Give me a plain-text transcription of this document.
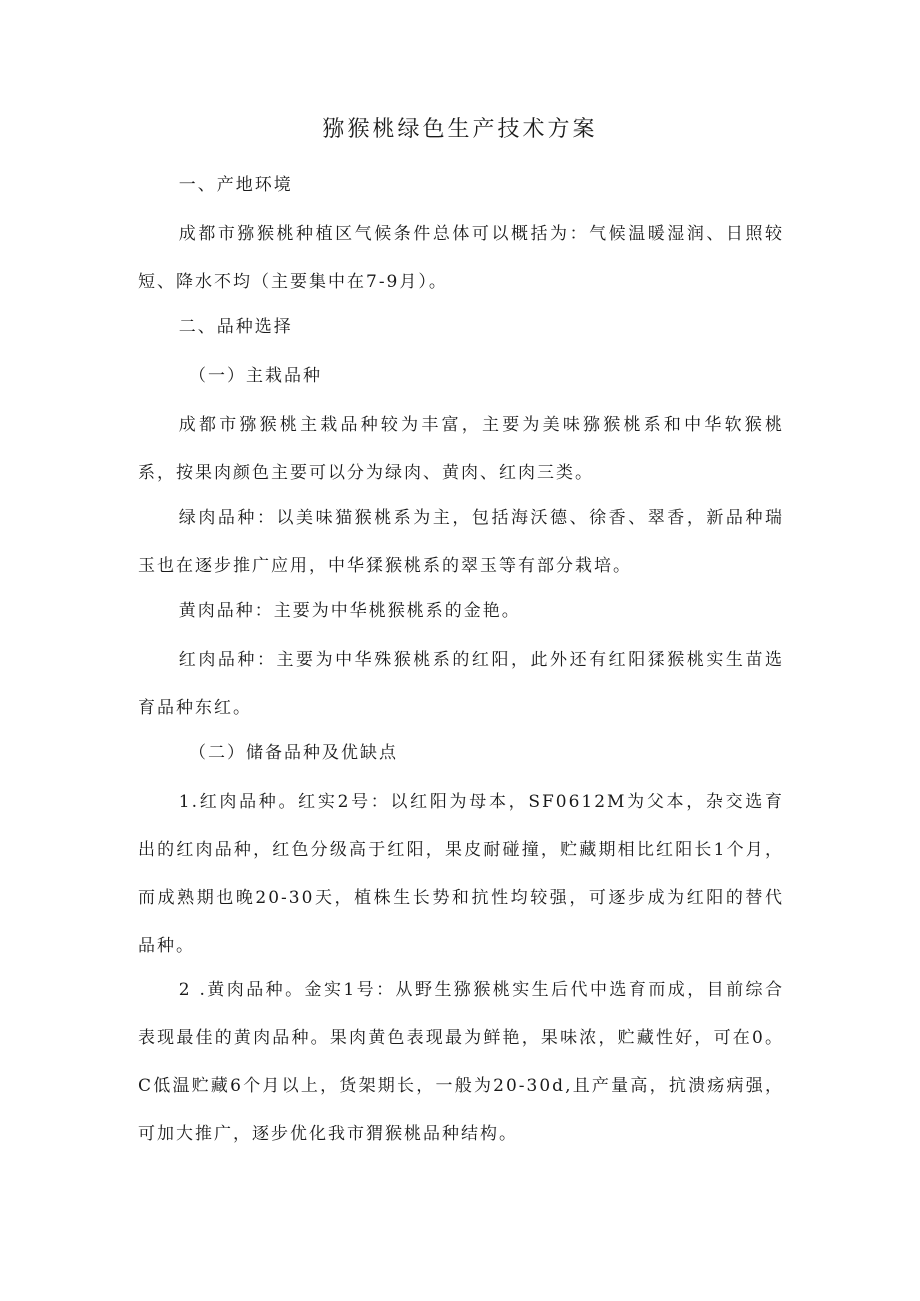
猕猴桃绿色生产技术方案
一、产地环境
成都市猕猴桃种植区气候条件总体可以概括为：气候温暖湿润、日照较短、降水不均（主要集中在7-9月）。
二、品种选择
（一）主栽品种
成都市猕猴桃主栽品种较为丰富，主要为美味猕猴桃系和中华软猴桃系，按果肉颜色主要可以分为绿肉、黄肉、红肉三类。
绿肉品种：以美味猫猴桃系为主，包括海沃德、徐香、翠香，新品种瑞玉也在逐步推广应用，中华猱猴桃系的翠玉等有部分栽培。
黄肉品种：主要为中华桃猴桃系的金艳。
红肉品种：主要为中华殊猴桃系的红阳，此外还有红阳猱猴桃实生苗选育品种东红。
（二）储备品种及优缺点
1.红肉品种。红实2号：以红阳为母本，SF0612M为父本，杂交选育出的红肉品种，红色分级高于红阳，果皮耐碰撞，贮藏期相比红阳长1个月，而成熟期也晚20-30天，植株生长势和抗性均较强，可逐步成为红阳的替代品种。
2 .黄肉品种。金实1号：从野生猕猴桃实生后代中选育而成，目前综合表现最佳的黄肉品种。果肉黄色表现最为鲜艳，果味浓，贮藏性好，可在0。C低温贮藏6个月以上，货架期长，一般为20-30d,且产量高，抗溃疡病强，可加大推广，逐步优化我市猬猴桃品种结构。
